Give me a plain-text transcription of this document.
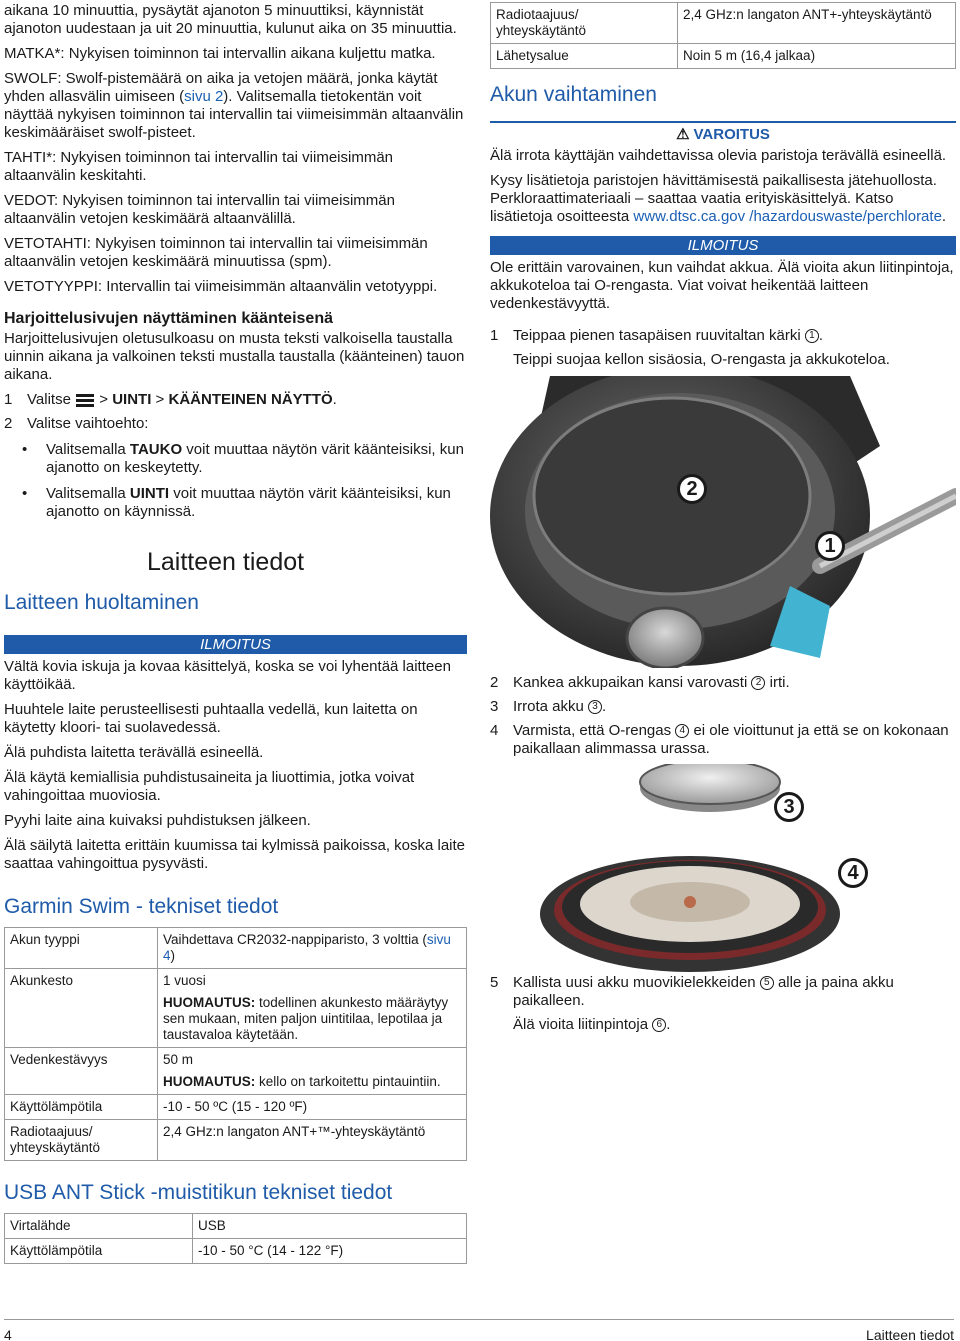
aikana 10 minuuttia, pysäytät ajanoton 5 minuuttiksi, käynnistät ajanoton uudestaan ja uit 20 minuuttia, kulunut aika on 35 minuuttia.

MATKA*: Nykyisen toiminnon tai intervallin aikana kuljettu matka.

SWOLF: Swolf-pistemäärä on aika ja vetojen määrä, jonka käytät yhden allasvälin uimiseen (sivu 2). Valitsemalla tietokentän voit näyttää nykyisen toiminnon tai intervallin tai viimeisimmän altaanvälin keskimääräiset swolf-pisteet.

TAHTI*: Nykyisen toiminnon tai intervallin tai viimeisimmän altaanvälin keskitahti.

VEDOT: Nykyisen toiminnon tai intervallin tai viimeisimmän altaanvälin vetojen keskimäärä altaanvälillä.

VETOTAHTI: Nykyisen toiminnon tai intervallin tai viimeisimmän altaanvälin vetojen keskimäärä minuutissa (spm).

VETOTYYPPI: Intervallin tai viimeisimmän altaanvälin vetotyyppi.

Harjoittelusivujen näyttäminen käänteisenä

Harjoittelusivujen oletusulkoasu on musta teksti valkoisella taustalla uinnin aikana ja valkoinen teksti mustalla taustalla (käänteinen) tauon aikana.

1 Valitse
> UINTI > KÄÄNTEINEN NÄYTTÖ.
2 Valitse vaihtoehto:
•	Valitsemalla TAUKO voit muuttaa näytön värit käänteisiksi, kun ajanotto on keskeytetty.
•	Valitsemalla UINTI voit muuttaa näytön värit käänteisiksi, kun ajanotto on käynnissä.
Laitteen tiedot
Laitteen huoltaminen
ILMOITUS

Vältä kovia iskuja ja kovaa käsittelyä, koska se voi lyhentää laitteen käyttöikää.

Huuhtele laite perusteellisesti puhtaalla vedellä, kun laitetta on käytetty kloori- tai suolavedessä.

Älä puhdista laitetta terävällä esineellä.

Älä käytä kemiallisia puhdistusaineita ja liuottimia, jotka voivat vahingoittaa muoviosia.

Pyyhi laite aina kuivaksi puhdistuksen jälkeen.

Älä säilytä laitetta erittäin kuumissa tai kylmissä paikoissa, koska laite saattaa vahingoittua pysyvästi.

Garmin Swim - tekniset tiedot
Akun tyyppi	Vaihdettava CR2032-nappiparisto, 3 volttia (sivu 4)
Akunkesto	1 vuosi
HUOMAUTUS: todellinen akunkesto määräytyy sen mukaan, miten paljon uintitilaa, lepotilaa ja taustavaloa käytetään.

Vedenkestävyys	50 m
HUOMAUTUS: kello on tarkoitettu pintauintiin.

Käyttölämpötila	-10 - 50 ºC (15 - 120 ºF)
Radiotaajuus/ yhteyskäytäntö	2,4 GHz:n langaton ANT+™-yhteyskäytäntö
USB ANT Stick -muistitikun tekniset tiedot
Virtalähde	USB
Käyttölämpötila	-10 - 50 °C (14 - 122 °F)
Radiotaajuus/ yhteyskäytäntö	2,4 GHz:n langaton ANT+-yhteyskäytäntö
Lähetysalue	Noin 5 m (16,4 jalkaa)
Akun vaihtaminen
⚠ VAROITUS

Älä irrota käyttäjän vaihdettavissa olevia paristoja terävällä esineellä.

Kysy lisätietoja paristojen hävittämisestä paikallisesta jätehuollosta. Perkloraattimateriaali – saattaa vaatia erityiskäsittelyä. Katso lisätietoja osoitteesta www.dtsc.ca.gov /hazardouswaste/perchlorate.

ILMOITUS

Ole erittäin varovainen, kun vaihdat akkua. Älä vioita akun liitinpintoja, akkukoteloa tai O-rengasta. Viat voivat heikentää laitteen vedenkestävyyttä.

1 Teippaa pienen tasapäisen ruuvitaltan kärki 1 .

Teippi suojaa kellon sisäosia, O-rengasta ja akkukoteloa.

2
1
2 Kankea akkupaikan kansi varovasti 2 irti.
3 Irrota akku 3 .
4 Varmista, että O-rengas 4 ei ole vioittunut ja että se on kokonaan paikallaan alimmassa urassa.
3
4
5 Kallista uusi akku muovikielekkeiden 5 alle ja paina akku paikalleen.

Älä vioita liitinpintoja 6 .

4	Laitteen tiedot
